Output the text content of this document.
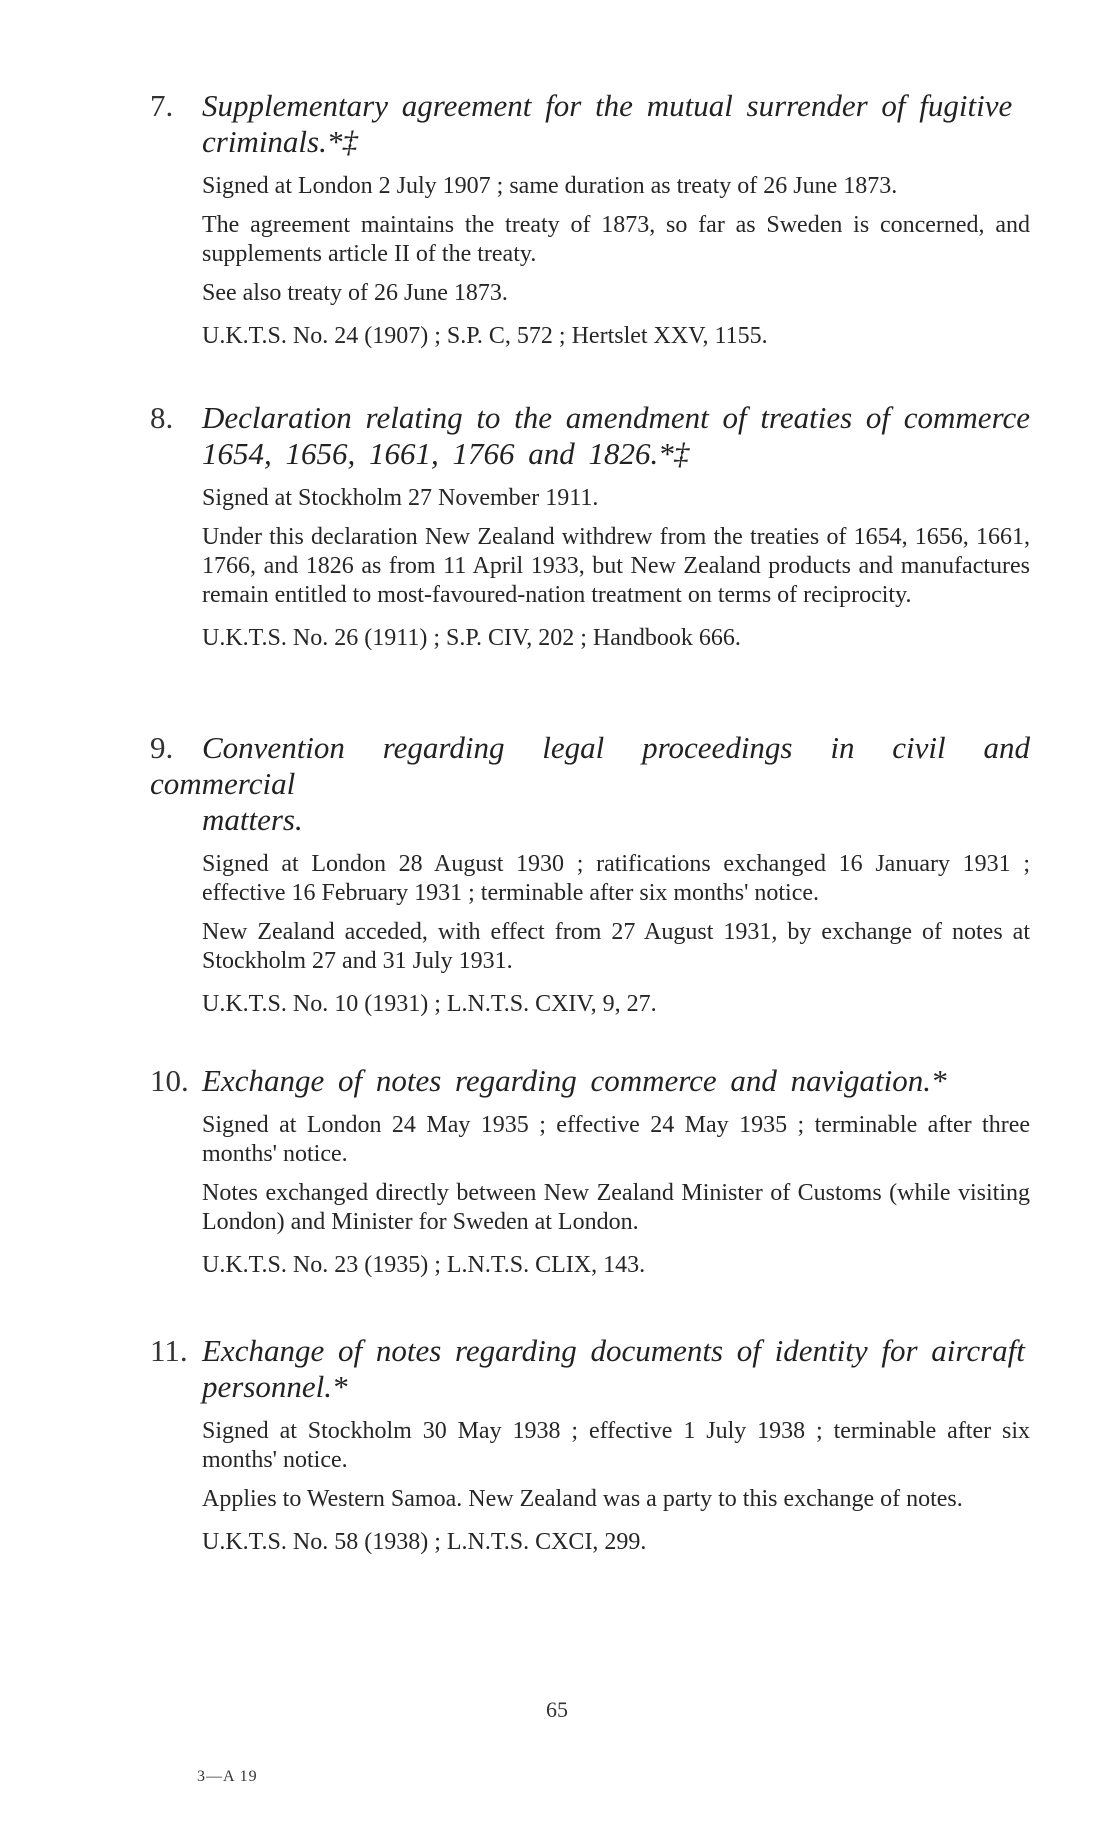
7. Supplementary agreement for the mutual surrender of fugitive
criminals.*‡

Signed at London 2 July 1907 ; same duration as treaty of 26 June 1873.

The agreement maintains the treaty of 1873, so far as Sweden is concerned, and supplements article II of the treaty.

See also treaty of 26 June 1873.

U.K.T.S. No. 24 (1907) ; S.P. C, 572 ; Hertslet XXV, 1155.

8. Declaration relating to the amendment of treaties of commerce
1654, 1656, 1661, 1766 and 1826.*‡

Signed at Stockholm 27 November 1911.

Under this declaration New Zealand withdrew from the treaties of 1654, 1656, 1661, 1766, and 1826 as from 11 April 1933, but New Zealand products and manufactures remain entitled to most-favoured-nation treatment on terms of reciprocity.

U.K.T.S. No. 26 (1911) ; S.P. CIV, 202 ; Handbook 666.

9. Convention regarding legal proceedings in civil and commercial
matters.

Signed at London 28 August 1930 ; ratifications exchanged 16 January 1931 ; effective 16 February 1931 ; terminable after six months' notice.

New Zealand acceded, with effect from 27 August 1931, by exchange of notes at Stockholm 27 and 31 July 1931.

U.K.T.S. No. 10 (1931) ; L.N.T.S. CXIV, 9, 27.

10. Exchange of notes regarding commerce and navigation.*

Signed at London 24 May 1935 ; effective 24 May 1935 ; terminable after three months' notice.

Notes exchanged directly between New Zealand Minister of Customs (while visiting London) and Minister for Sweden at London.

U.K.T.S. No. 23 (1935) ; L.N.T.S. CLIX, 143.

11. Exchange of notes regarding documents of identity for aircraft
personnel.*

Signed at Stockholm 30 May 1938 ; effective 1 July 1938 ; terminable after six months' notice.

Applies to Western Samoa. New Zealand was a party to this exchange of notes.

U.K.T.S. No. 58 (1938) ; L.N.T.S. CXCI, 299.

65
3—A 19
